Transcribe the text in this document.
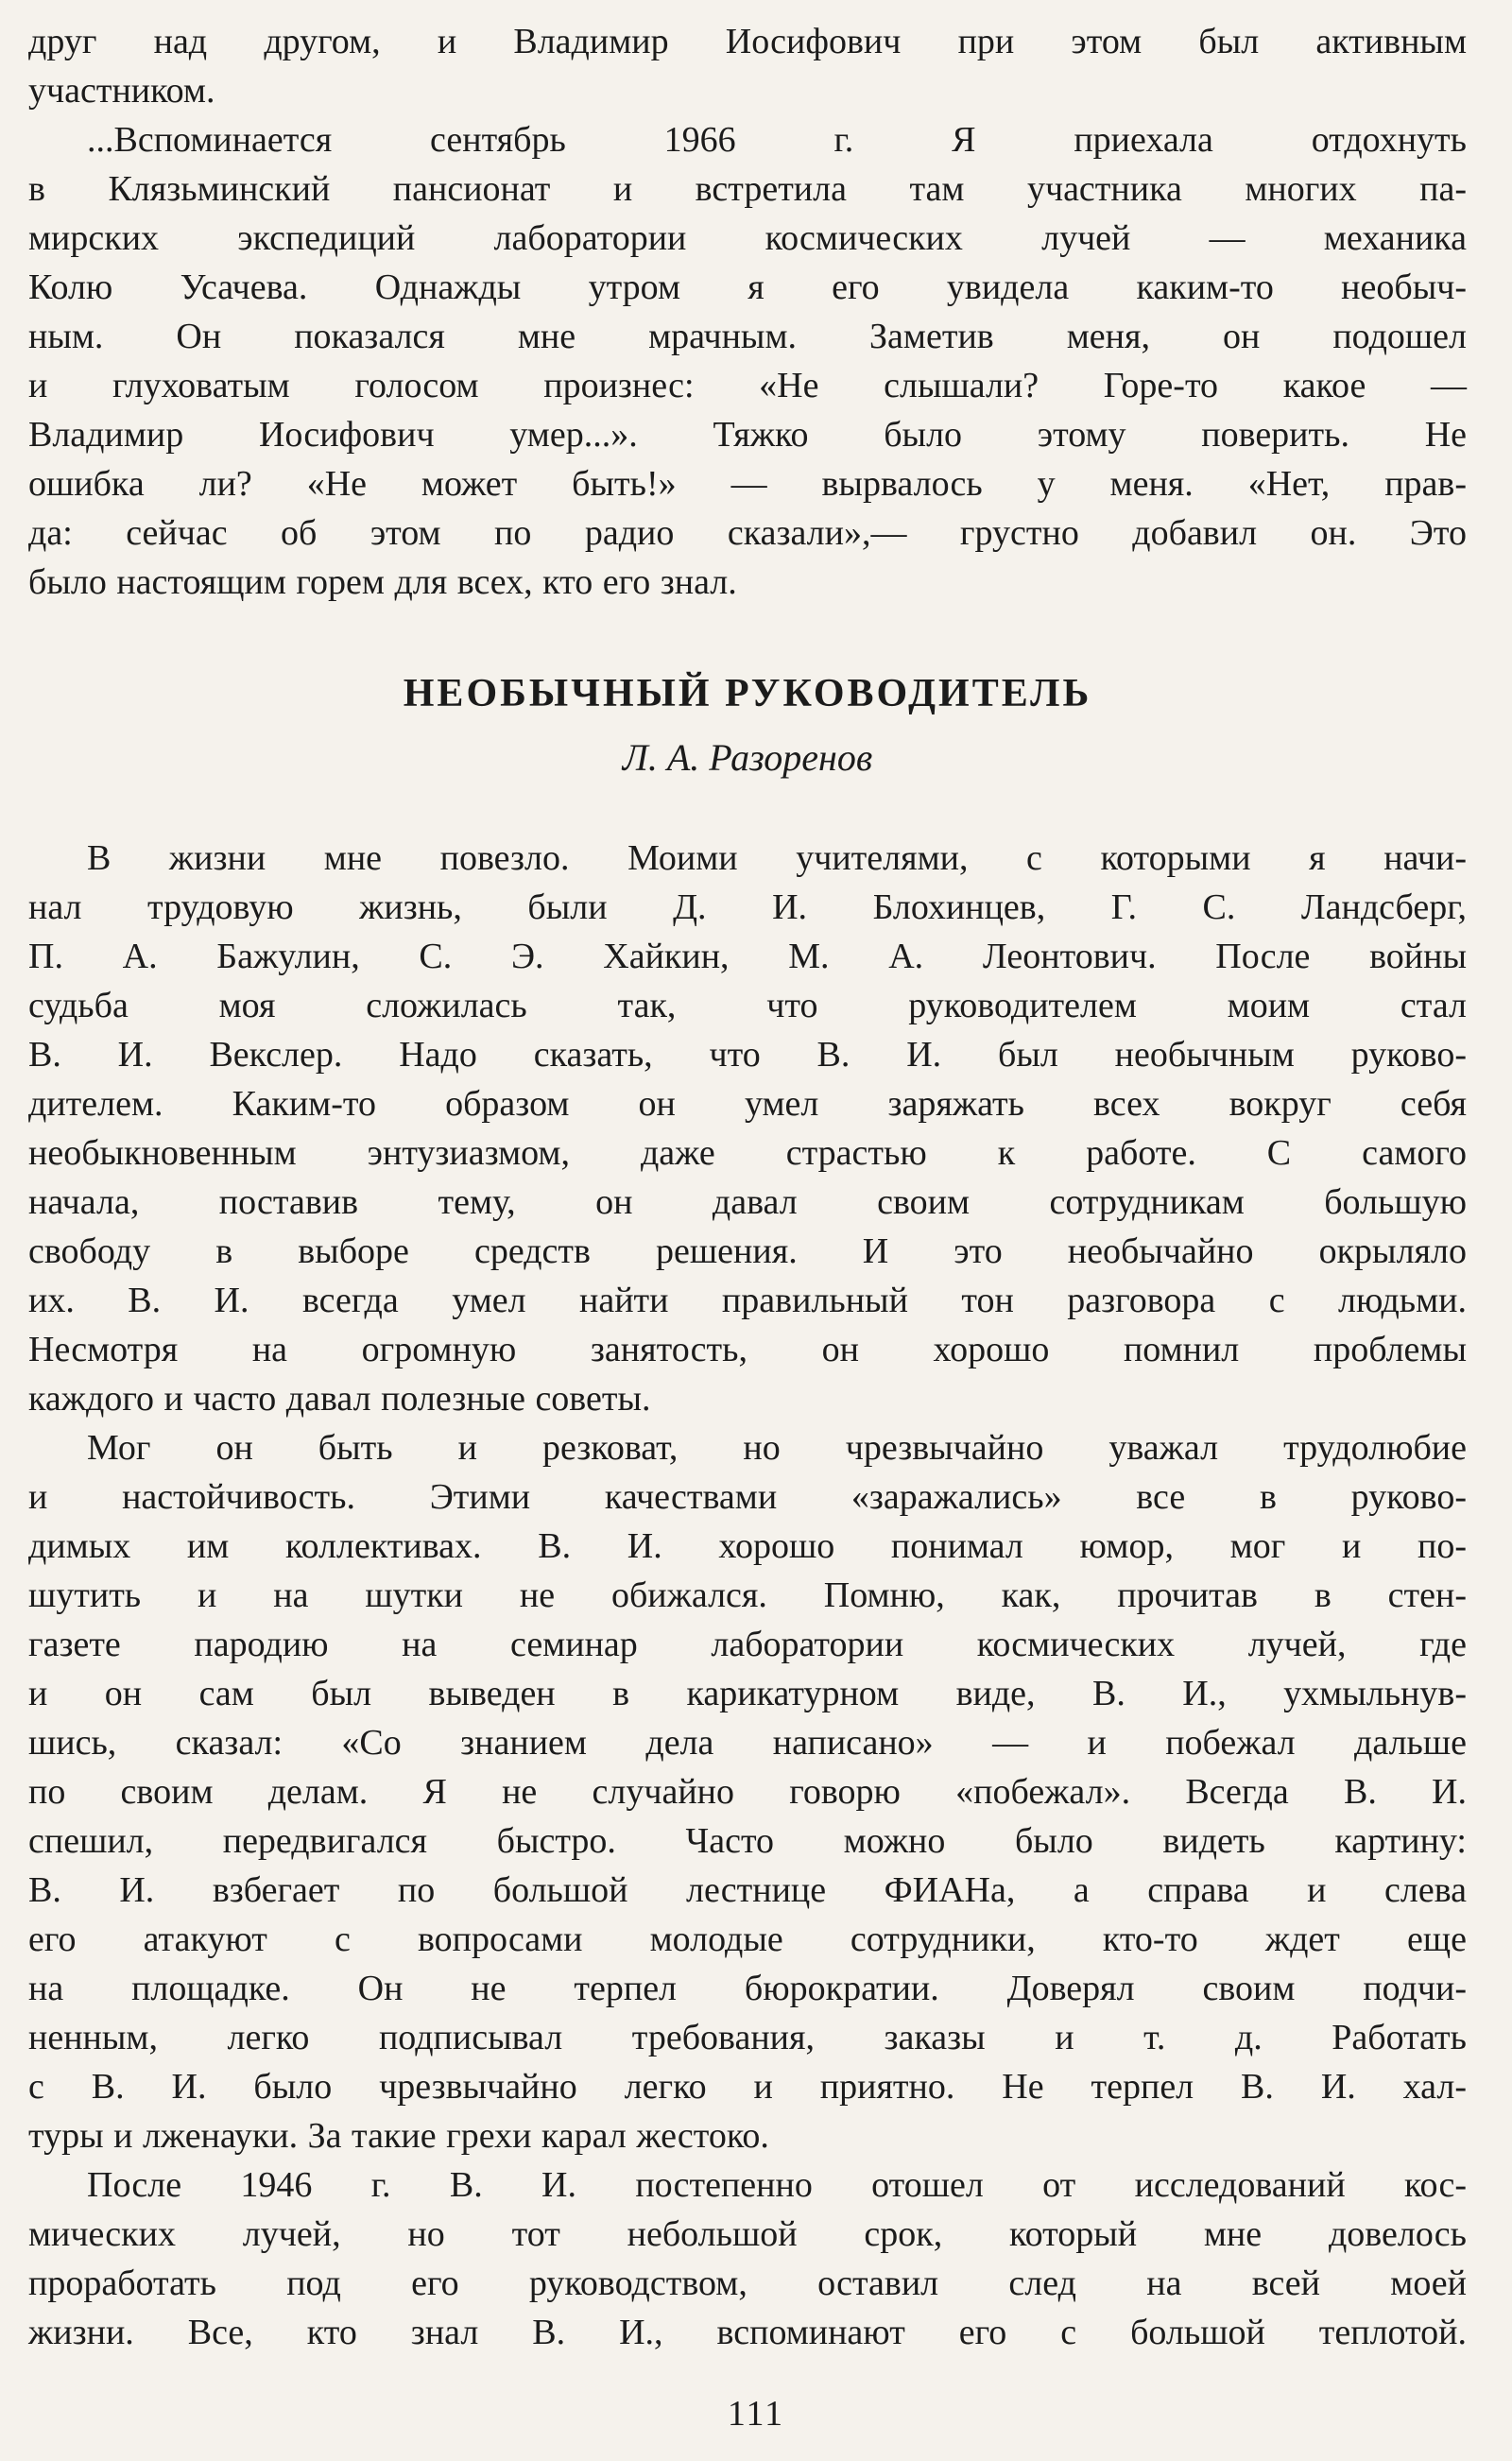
друг над другом, и Владимир Иосифович при этом был активным
участником.
...Вспоминается сентябрь 1966 г. Я приехала отдохнуть
в Клязьминский пансионат и встретила там участника многих па-
мирских экспедиций лаборатории космических лучей — механика
Колю Усачева. Однажды утром я его увидела каким-то необыч-
ным. Он показался мне мрачным. Заметив меня, он подошел
и глуховатым голосом произнес: «Не слышали? Горе-то какое —
Владимир Иосифович умер...». Тяжко было этому поверить. Не
ошибка ли? «Не может быть!» — вырвалось у меня. «Нет, прав-
да: сейчас об этом по радио сказали»,— грустно добавил он. Это
было настоящим горем для всех, кто его знал.
НЕОБЫЧНЫЙ РУКОВОДИТЕЛЬ
Л. А. Разоренов
В жизни мне повезло. Моими учителями, с которыми я начи-
нал трудовую жизнь, были Д. И. Блохинцев, Г. С. Ландсберг,
П. А. Бажулин, С. Э. Хайкин, М. А. Леонтович. После войны
судьба моя сложилась так, что руководителем моим стал
В. И. Векслер. Надо сказать, что В. И. был необычным руково-
дителем. Каким-то образом он умел заряжать всех вокруг себя
необыкновенным энтузиазмом, даже страстью к работе. С самого
начала, поставив тему, он давал своим сотрудникам большую
свободу в выборе средств решения. И это необычайно окрыляло
их. В. И. всегда умел найти правильный тон разговора с людьми.
Несмотря на огромную занятость, он хорошо помнил проблемы
каждого и часто давал полезные советы.
Мог он быть и резковат, но чрезвычайно уважал трудолюбие
и настойчивость. Этими качествами «заражались» все в руково-
димых им коллективах. В. И. хорошо понимал юмор, мог и по-
шутить и на шутки не обижался. Помню, как, прочитав в стен-
газете пародию на семинар лаборатории космических лучей, где
и он сам был выведен в карикатурном виде, В. И., ухмыльнув-
шись, сказал: «Со знанием дела написано» — и побежал дальше
по своим делам. Я не случайно говорю «побежал». Всегда В. И.
спешил, передвигался быстро. Часто можно было видеть картину:
В. И. взбегает по большой лестнице ФИАНа, а справа и слева
его атакуют с вопросами молодые сотрудники, кто-то ждет еще
на площадке. Он не терпел бюрократии. Доверял своим подчи-
ненным, легко подписывал требования, заказы и т. д. Работать
с В. И. было чрезвычайно легко и приятно. Не терпел В. И. хал-
туры и лженауки. За такие грехи карал жестоко.
После 1946 г. В. И. постепенно отошел от исследований кос-
мических лучей, но тот небольшой срок, который мне довелось
проработать под его руководством, оставил след на всей моей
жизни. Все, кто знал В. И., вспоминают его с большой теплотой.
111
